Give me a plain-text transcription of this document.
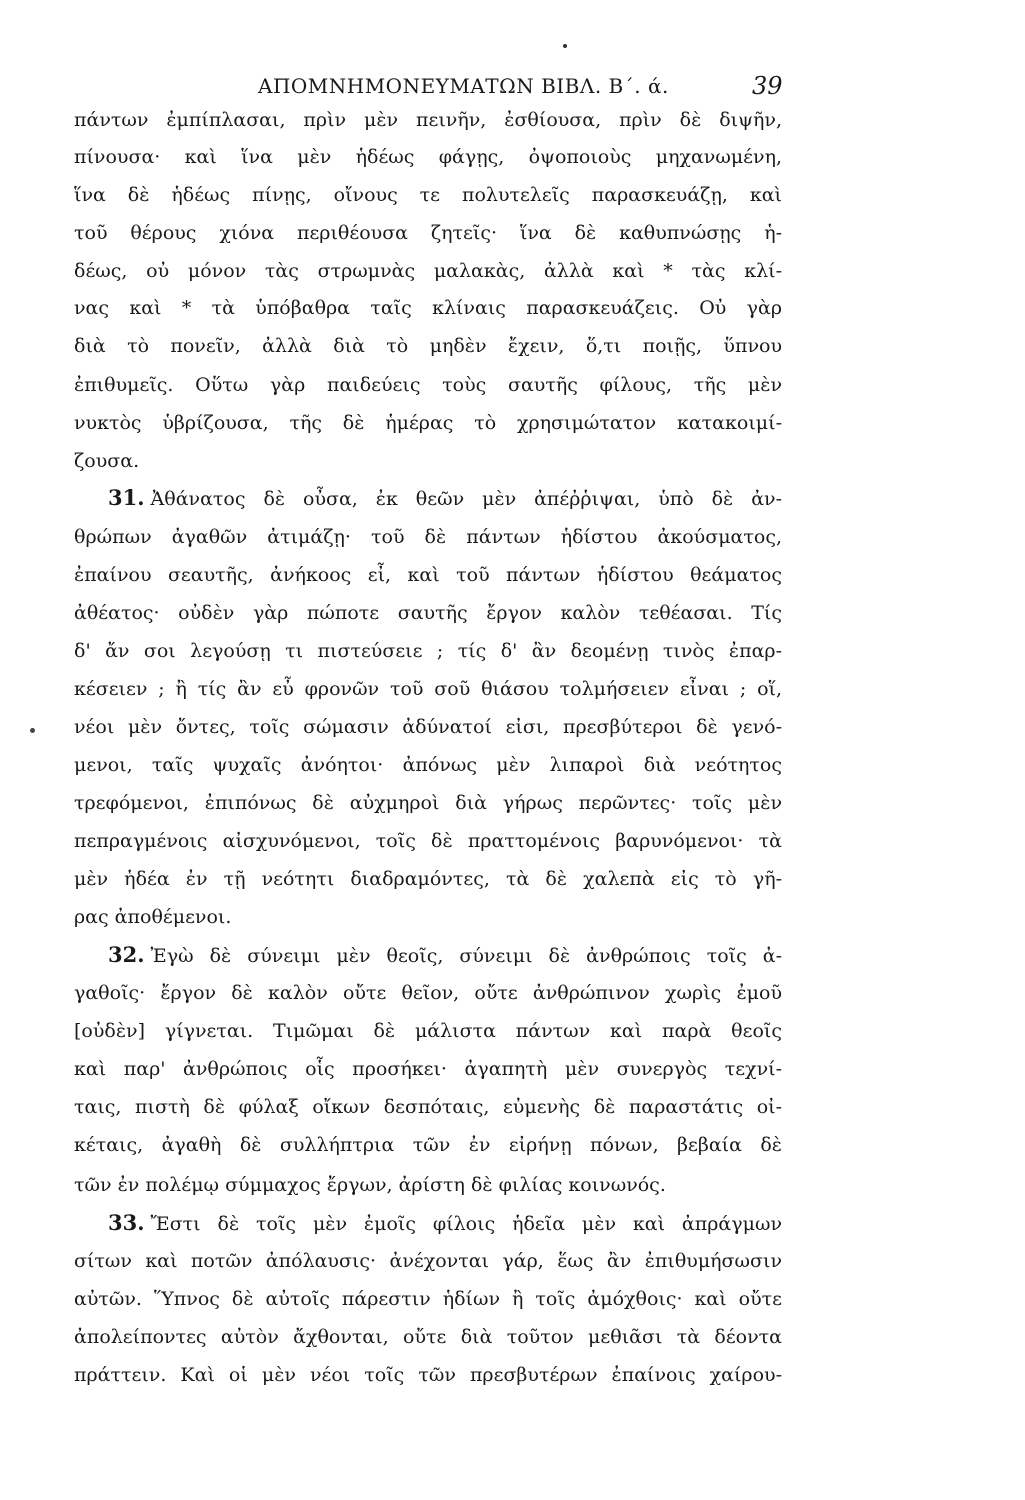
ΑΠΟΜΝΗΜΟΝΕΥΜΑΤΩΝ ΒΙΒΛ. Β΄. ά.	39
πάντων ἐμπίπλασαι, πρὶν μὲν πεινῆν, ἐσθίουσα, πρὶν δὲ διψῆν,
πίνουσα· καὶ ἵνα μὲν ἡδέως φάγῃς, ὀψοποιοὺς μηχανωμένη,
ἵνα δὲ ἡδέως πίνῃς, οἴνους τε πολυτελεῖς παρασκευάζῃ, καὶ
τοῦ θέρους χιόνα περιθέουσα ζητεῖς· ἵνα δὲ καθυπνώσῃς ἡ-
δέως, οὐ μόνον τὰς στρωμνὰς μαλακὰς, ἀλλὰ καὶ * τὰς κλί-
νας καὶ * τὰ ὑπόβαθρα ταῖς κλίναις παρασκευάζεις. Οὐ γὰρ
διὰ τὸ πονεῖν, ἀλλὰ διὰ τὸ μηδὲν ἔχειν, ὅ,τι ποιῇς, ὕπνου
ἐπιθυμεῖς. Οὕτω γὰρ παιδεύεις τοὺς σαυτῆς φίλους, τῆς μὲν
νυκτὸς ὑβρίζουσα, τῆς δὲ ἡμέρας τὸ χρησιμώτατον κατακοιμί-
ζουσα.
31. Ἀθάνατος δὲ οὖσα, ἐκ θεῶν μὲν ἀπέῤῥιψαι, ὑπὸ δὲ ἀν-
θρώπων ἀγαθῶν ἀτιμάζῃ· τοῦ δὲ πάντων ἡδίστου ἀκούσματος,
ἐπαίνου σεαυτῆς, ἀνήκοος εἶ, καὶ τοῦ πάντων ἡδίστου θεάματος
ἀθέατος· οὐδὲν γὰρ πώποτε σαυτῆς ἔργον καλὸν τεθέασαι. Τίς
δ' ἄν σοι λεγούσῃ τι πιστεύσειε ; τίς δ' ἂν δεομένῃ τινὸς ἐπαρ-
κέσειεν ; ἢ τίς ἂν εὖ φρονῶν τοῦ σοῦ θιάσου τολμήσειεν εἶναι ; οἵ,
νέοι μὲν ὄντες, τοῖς σώμασιν ἀδύνατοί εἰσι, πρεσβύτεροι δὲ γενό-
μενοι, ταῖς ψυχαῖς ἀνόητοι· ἀπόνως μὲν λιπαροὶ διὰ νεότητος
τρεφόμενοι, ἐπιπόνως δὲ αὐχμηροὶ διὰ γήρως περῶντες· τοῖς μὲν
πεπραγμένοις αἰσχυνόμενοι, τοῖς δὲ πραττομένοις βαρυνόμενοι· τὰ
μὲν ἡδέα ἐν τῇ νεότητι διαδραμόντες, τὰ δὲ χαλεπὰ εἰς τὸ γῆ-
ρας ἀποθέμενοι.
32. Ἐγὼ δὲ σύνειμι μὲν θεοῖς, σύνειμι δὲ ἀνθρώποις τοῖς ἀ-
γαθοῖς· ἔργον δὲ καλὸν οὔτε θεῖον, οὔτε ἀνθρώπινον χωρὶς ἐμοῦ
[οὐδὲν] γίγνεται. Τιμῶμαι δὲ μάλιστα πάντων καὶ παρὰ θεοῖς
καὶ παρ' ἀνθρώποις οἷς προσήκει· ἀγαπητὴ μὲν συνεργὸς τεχνί-
ταις, πιστὴ δὲ φύλαξ οἴκων δεσπόταις, εὐμενὴς δὲ παραστάτις οἰ-
κέταις, ἀγαθὴ δὲ συλλήπτρια τῶν ἐν εἰρήνῃ πόνων, βεβαία δὲ
τῶν ἐν πολέμῳ σύμμαχος ἔργων, ἀρίστη δὲ φιλίας κοινωνός.
33. Ἔστι δὲ τοῖς μὲν ἐμοῖς φίλοις ἡδεῖα μὲν καὶ ἀπράγμων
σίτων καὶ ποτῶν ἀπόλαυσις· ἀνέχονται γάρ, ἕως ἂν ἐπιθυμήσωσιν
αὐτῶν. Ὕπνος δὲ αὐτοῖς πάρεστιν ἡδίων ἢ τοῖς ἀμόχθοις· καὶ οὔτε
ἀπολείποντες αὐτὸν ἄχθονται, οὔτε διὰ τοῦτον μεθιᾶσι τὰ δέοντα
πράττειν. Καὶ οἱ μὲν νέοι τοῖς τῶν πρεσβυτέρων ἐπαίνοις χαίρου-
